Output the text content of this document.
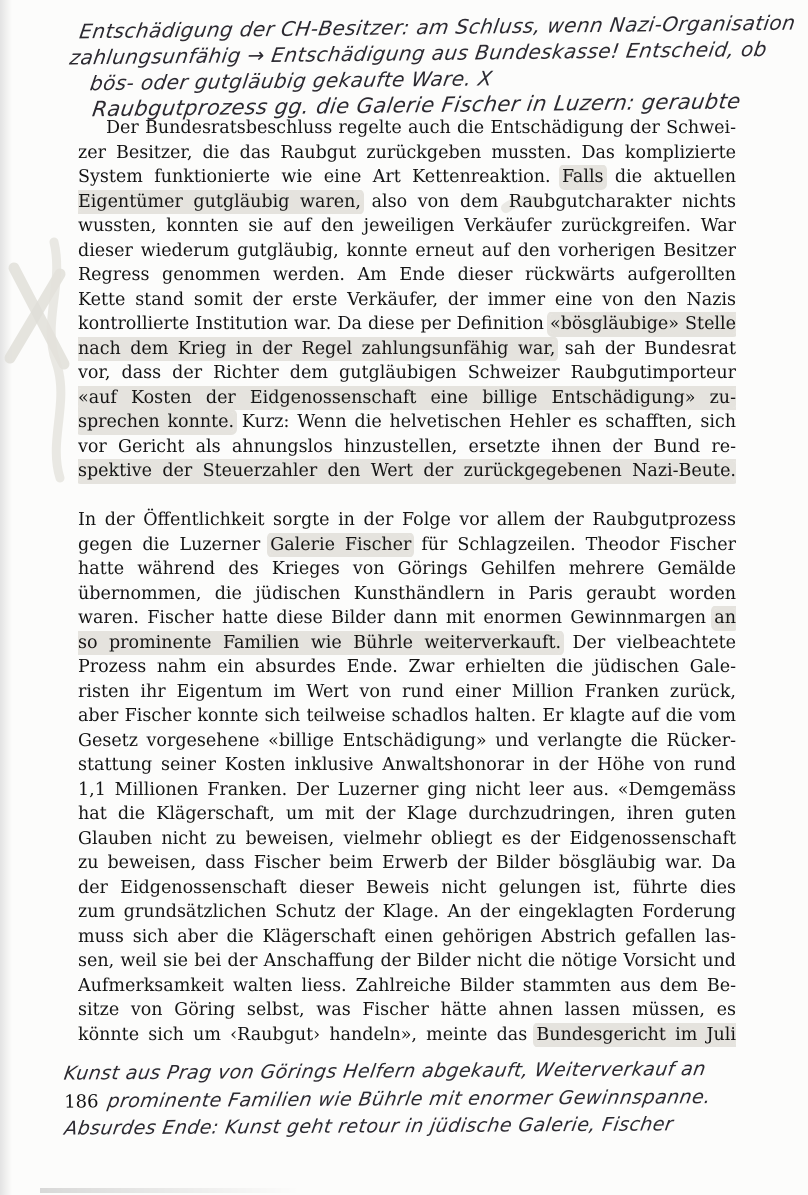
Entschädigung der CH-Besitzer: am Schluss, wenn Nazi-Organisation
zahlungsunfähig → Entschädigung aus Bundeskasse! Entscheid, ob
bös- oder gutgläubig gekaufte Ware. X
Raubgutprozess gg. die Galerie Fischer in Luzern: geraubte
Der Bundesratsbeschluss regelte auch die Entschädigung der Schwei-
zer Besitzer, die das Raubgut zurückgeben mussten. Das komplizierte
System funktionierte wie eine Art Kettenreaktion. Falls die aktuellen
Eigentümer gutgläubig waren, also von dem Raubgutcharakter nichts
wussten, konnten sie auf den jeweiligen Verkäufer zurückgreifen. War
dieser wiederum gutgläubig, konnte erneut auf den vorherigen Besitzer
Regress genommen werden. Am Ende dieser rückwärts aufgerollten
Kette stand somit der erste Verkäufer, der immer eine von den Nazis
kontrollierte Institution war. Da diese per Definition «bösgläubige» Stelle
nach dem Krieg in der Regel zahlungsunfähig war, sah der Bundesrat
vor, dass der Richter dem gutgläubigen Schweizer Raubgutimporteur
«auf Kosten der Eidgenossenschaft eine billige Entschädigung» zu-
sprechen konnte. Kurz: Wenn die helvetischen Hehler es schafften, sich
vor Gericht als ahnungslos hinzustellen, ersetzte ihnen der Bund re-
spektive der Steuerzahler den Wert der zurückgegebenen Nazi-Beute.
In der Öffentlichkeit sorgte in der Folge vor allem der Raubgutprozess
gegen die Luzerner Galerie Fischer für Schlagzeilen. Theodor Fischer
hatte während des Krieges von Görings Gehilfen mehrere Gemälde
übernommen, die jüdischen Kunsthändlern in Paris geraubt worden
waren. Fischer hatte diese Bilder dann mit enormen Gewinnmargen an
so prominente Familien wie Bührle weiterverkauft. Der vielbeachtete
Prozess nahm ein absurdes Ende. Zwar erhielten die jüdischen Gale-
risten ihr Eigentum im Wert von rund einer Million Franken zurück,
aber Fischer konnte sich teilweise schadlos halten. Er klagte auf die vom
Gesetz vorgesehene «billige Entschädigung» und verlangte die Rücker-
stattung seiner Kosten inklusive Anwaltshonorar in der Höhe von rund
1,1 Millionen Franken. Der Luzerner ging nicht leer aus. «Demgemäss
hat die Klägerschaft, um mit der Klage durchzudringen, ihren guten
Glauben nicht zu beweisen, vielmehr obliegt es der Eidgenossenschaft
zu beweisen, dass Fischer beim Erwerb der Bilder bösgläubig war. Da
der Eidgenossenschaft dieser Beweis nicht gelungen ist, führte dies
zum grundsätzlichen Schutz der Klage. An der eingeklagten Forderung
muss sich aber die Klägerschaft einen gehörigen Abstrich gefallen las-
sen, weil sie bei der Anschaffung der Bilder nicht die nötige Vorsicht und
Aufmerksamkeit walten liess. Zahlreiche Bilder stammten aus dem Be-
sitze von Göring selbst, was Fischer hätte ahnen lassen müssen, es
könnte sich um ‹Raubgut› handeln», meinte das Bundesgericht im Juli
Kunst aus Prag von Görings Helfern abgekauft, Weiterverkauf an
186 prominente Familien wie Bührle mit enormer Gewinnspanne.
Absurdes Ende: Kunst geht retour in jüdische Galerie, Fischer
